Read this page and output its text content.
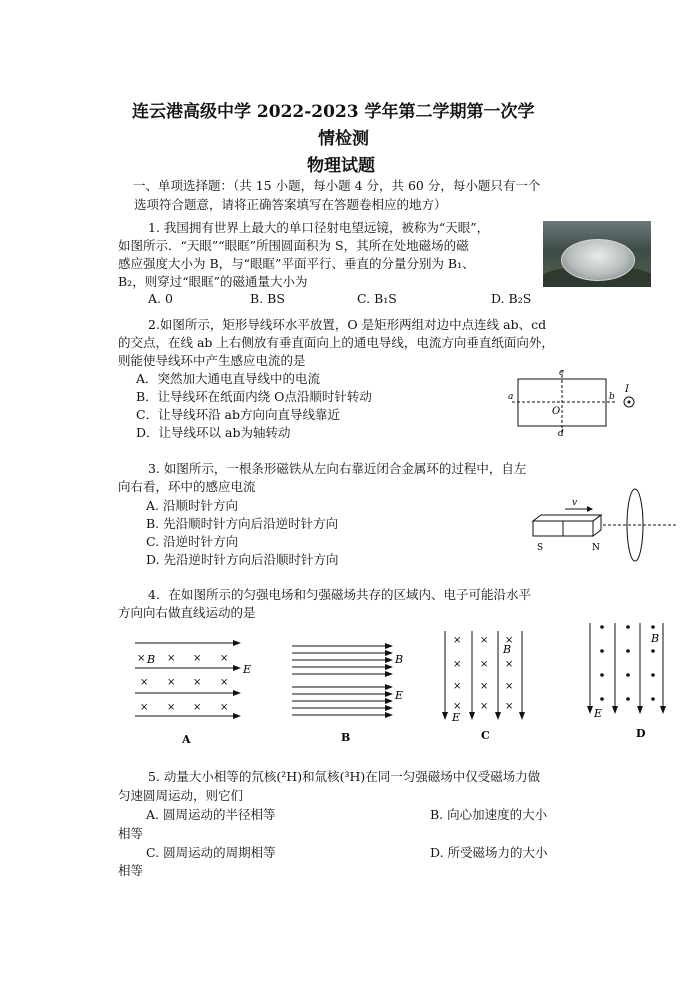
连云港高级中学 2022-2023 学年第二学期第一次学
情检测
物理试题
一、单项选择题：（共 15 小题，每小题 4 分，共 60 分，每小题只有一个
选项符合题意，请将正确答案填写在答题卷相应的地方）
1. 我国拥有世界上最大的单口径射电望远镜，被称为“天眼”，
如图所示．“天眼”“眼眶”所围圆面积为 S，其所在处地磁场的磁
感应强度大小为 B，与“眼眶”平面平行、垂直的分量分别为 B₁、
B₂，则穿过“眼眶”的磁通量大小为
A. 0	B. BS	C. B₁S	D. B₂S
2.如图所示，矩形导线环水平放置，O 是矩形两组对边中点连线 ab、cd
的交点，在线 ab 上右侧放有垂直面向上的通电导线，电流方向垂直纸面向外，
则能使导线环中产生感应电流的是
A．突然加大通电直导线中的电流
B．让导线环在纸面内绕 O点沿顺时针转动
C．让导线环沿 ab方向向直导线靠近
D．让导线环以 ab为轴转动
c
d
a	b
O
I
3. 如图所示，一根条形磁铁从左向右靠近闭合金属环的过程中，自左
向右看，环中的感应电流
A. 沿顺时针方向
B. 先沿顺时针方向后沿逆时针方向
C. 沿逆时针方向
D. 先沿逆时针方向后沿顺时针方向
v
S	N
4．在如图所示的匀强电场和匀强磁场共存的区域内、电子可能沿水平
方向向右做直线运动的是
× B × × ×
E
× × × ×
× × × ×
A
B
E
B
× × ×
B
× × ×
× × ×
× × ×
E
C
B
E
D
5. 动量大小相等的氘核(²H)和氚核(³H)在同一匀强磁场中仅受磁场力做
匀速圆周运动，则它们
A. 圆周运动的半径相等	B. 向心加速度的大小
相等
C. 圆周运动的周期相等	D. 所受磁场力的大小
相等
